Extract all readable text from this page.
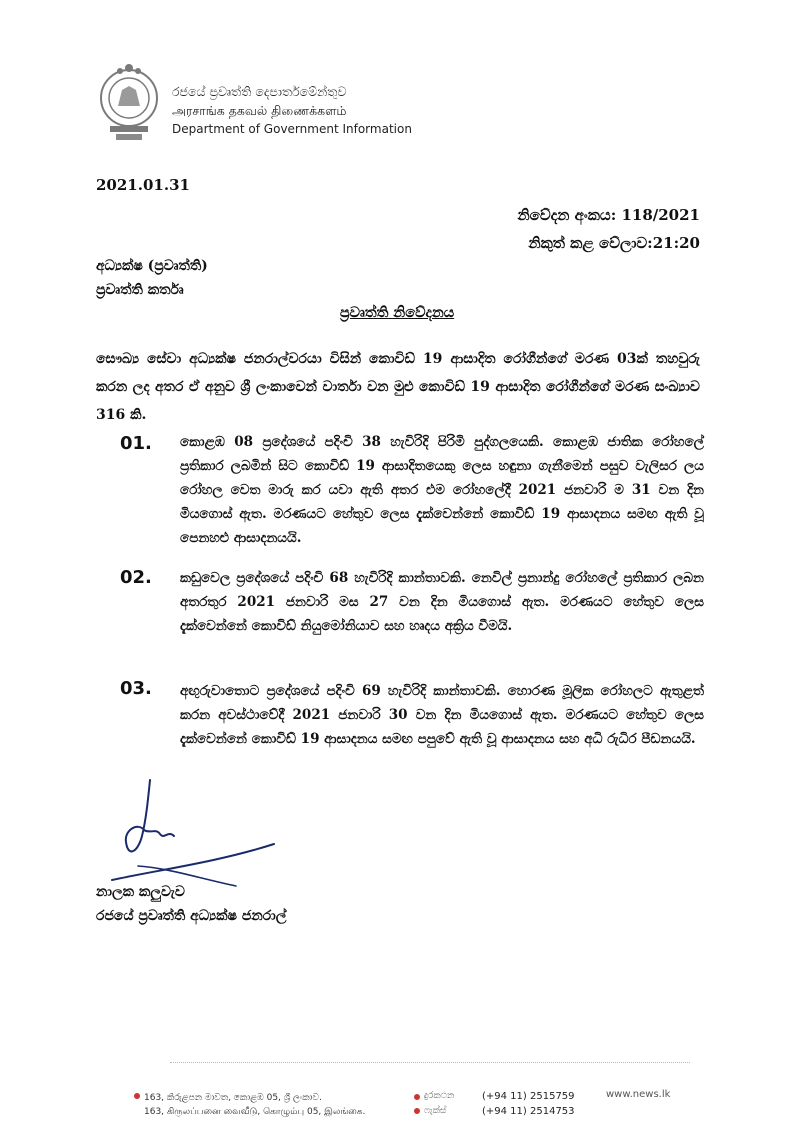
රජයේ ප්‍රවෘත්ති දෙපාර්තමේන්තුව
அரசாங்க தகவல் திணைக்களம்
Department of Government Information
2021.01.31
නිවේදන අංකය: 118/2021
නිකුත් කළ වේලාව:21:20
අධ්‍යක්ෂ (ප්‍රවෘත්ති)
ප්‍රවෘත්ති කර්තෘ
ප්‍රවෘත්ති නිවේදනය
සෞඛ්‍ය සේවා අධ්‍යක්ෂ ජනරාල්වරයා විසින් කොවිඩ් 19 ආසාදිත රෝගීන්ගේ මරණ 03ක් තහවුරු කරන ලද අතර ඒ අනුව ශ්‍රී ලංකාවෙන් වාර්තා වන මුළු කොවිඩ් 19 ආසාදිත රෝගීන්ගේ මරණ සංඛ්‍යාව 316 කි.
01. කොළඹ 08 ප්‍රදේශයේ පදිංචි 38 හැවිරිදි පිරිමි පුද්ගලයෙකි. කොළඹ ජාතික රෝහලේ ප්‍රතිකාර ලබමින් සිට කොවිඩ් 19 ආසාදිතයෙකු ලෙස හඳුනා ගැනීමෙන් පසුව වැලිසර ලය රෝහල වෙත මාරු කර යවා ඇති අතර එම රෝහලේදී 2021 ජනවාරි ම 31 වන දින මියගොස් ඇත. මරණයට හේතුව ලෙස දැක්වෙන්නේ කොවිඩ් 19 ආසාදනය සමඟ ඇති වූ පෙනහළු ආසාදනයයි.
02. කඩුවෙල ප්‍රදේශයේ පදිංචි 68 හැවිරිදි කාන්තාවකි. නෙවිල් ප්‍රනාන්දු රෝහලේ ප්‍රතිකාර ලබන අතරතුර 2021 ජනවාරි මස 27 වන දින මියගොස් ඇත. මරණයට හේතුව ලෙස දැක්වෙන්නේ කොවිඩ් නියුමෝනියාව සහ හෘදය අක්‍රිය වීමයි.
03. අඟුරුවාතොට ප්‍රදේශයේ පදිංචි 69 හැවිරිදි කාන්තාවකි. හොරණ මූලික රෝහලට ඇතුළත් කරන අවස්ථාවේදී 2021 ජනවාරි 30 වන දින මියගොස් ඇත. මරණයට හේතුව ලෙස දැක්වෙන්නේ කොවිඩ් 19 ආසාදනය සමඟ පපුවේ ඇති වූ ආසාදනය සහ අධි රුධිර පීඩනයයි.
නාලක කලුවැව
රජයේ ප්‍රවෘත්ති අධ්‍යක්ෂ ජනරාල්
163, කිරුළපන මාවත, කොළඹ 05, ශ්‍රී ලංකාව.
163, கிருலப்பனை வைவீடு, கொழும்பு 05, இலங்கை.
දුරකථන	(+94 11) 2515759
ෆැක්ස්	(+94 11) 2514753
www.news.lk
